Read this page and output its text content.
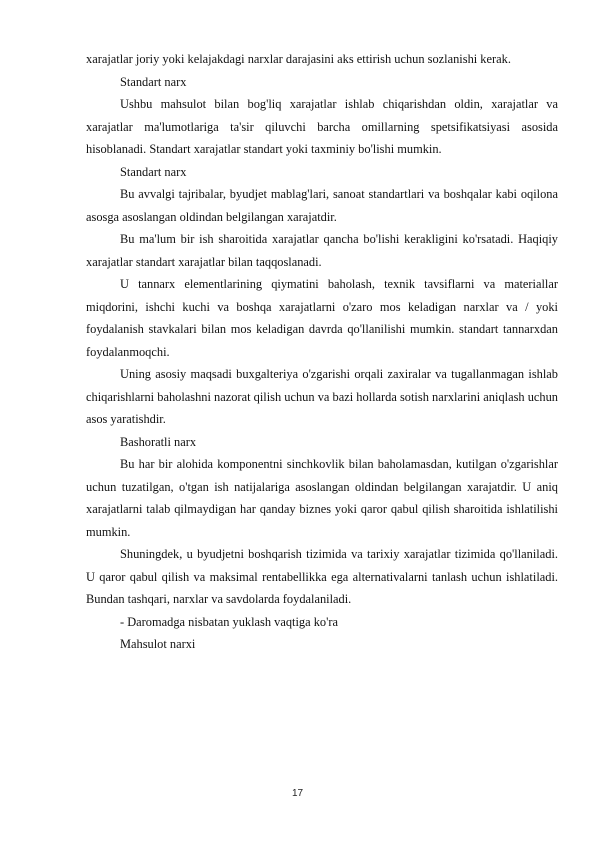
xarajatlar joriy yoki kelajakdagi narxlar darajasini aks ettirish uchun sozlanishi kerak.

Standart narx

Ushbu mahsulot bilan bog'liq xarajatlar ishlab chiqarishdan oldin, xarajatlar va xarajatlar ma'lumotlariga ta'sir qiluvchi barcha omillarning spetsifikatsiyasi asosida hisoblanadi. Standart xarajatlar standart yoki taxminiy bo'lishi mumkin.

Standart narx

Bu avvalgi tajribalar, byudjet mablag'lari, sanoat standartlari va boshqalar kabi oqilona asosga asoslangan oldindan belgilangan xarajatdir.

Bu ma'lum bir ish sharoitida xarajatlar qancha bo'lishi kerakligini ko'rsatadi. Haqiqiy xarajatlar standart xarajatlar bilan taqqoslanadi.

U tannarx elementlarining qiymatini baholash, texnik tavsiflarni va materiallar miqdorini, ishchi kuchi va boshqa xarajatlarni o'zaro mos keladigan narxlar va / yoki foydalanish stavkalari bilan mos keladigan davrda qo'llanilishi mumkin. standart tannarxdan foydalanmoqchi.

Uning asosiy maqsadi buxgalteriya o'zgarishi orqali zaxiralar va tugallanmagan ishlab chiqarishlarni baholashni nazorat qilish uchun va bazi hollarda sotish narxlarini aniqlash uchun asos yaratishdir.

Bashoratli narx

Bu har bir alohida komponentni sinchkovlik bilan baholamasdan, kutilgan o'zgarishlar uchun tuzatilgan, o'tgan ish natijalariga asoslangan oldindan belgilangan xarajatdir. U aniq xarajatlarni talab qilmaydigan har qanday biznes yoki qaror qabul qilish sharoitida ishlatilishi mumkin.

Shuningdek, u byudjetni boshqarish tizimida va tarixiy xarajatlar tizimida qo'llaniladi. U qaror qabul qilish va maksimal rentabellikka ega alternativalarni tanlash uchun ishlatiladi. Bundan tashqari, narxlar va savdolarda foydalaniladi.

- Daromadga nisbatan yuklash vaqtiga ko'ra

Mahsulot narxi

17
